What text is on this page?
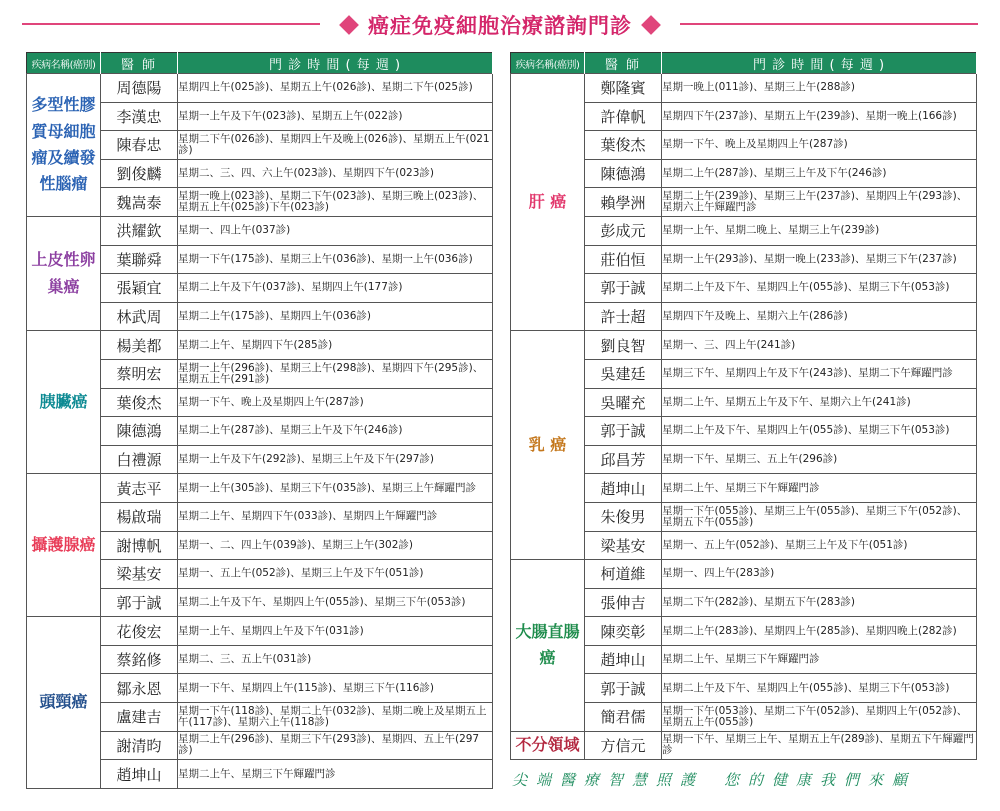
癌症免疫細胞治療諮詢門診
疾病名稱(癌別)	醫 師	門 診 時 間 ( 每 週 )
多型性膠質母細胞瘤及續發性腦瘤	周德陽	星期四上午(025診)、星期五上午(026診)、星期二下午(025診)
	李漢忠	星期一上午及下午(023診)、星期五上午(022診)
	陳春忠	星期二下午(026診)、星期四上午及晚上(026診)、星期五上午(021診)
	劉俊麟	星期二、三、四、六上午(023診)、星期四下午(023診)
	魏嵩泰	星期一晚上(023診)、星期二下午(023診)、星期三晚上(023診)、星期五上午(025診)下午(023診)
上皮性卵巢癌	洪耀欽	星期一、四上午(037診)
	葉聯舜	星期一下午(175診)、星期三上午(036診)、星期一上午(036診)
	張穎宜	星期二上午及下午(037診)、星期四上午(177診)
	林武周	星期二上午(175診)、星期四上午(036診)
胰臟癌	楊美都	星期二上午、星期四下午(285診)
	蔡明宏	星期一上午(296診)、星期三上午(298診)、星期四下午(295診)、星期五上午(291診)
	葉俊杰	星期一下午、晚上及星期四上午(287診)
	陳德鴻	星期二上午(287診)、星期三上午及下午(246診)
	白禮源	星期一上午及下午(292診)、星期三上午及下午(297診)
攝護腺癌	黃志平	星期一上午(305診)、星期三下午(035診)、星期三上午輝躍門診
	楊啟瑞	星期二上午、星期四下午(033診)、星期四上午輝躍門診
	謝博帆	星期一、二、四上午(039診)、星期三上午(302診)
	梁基安	星期一、五上午(052診)、星期三上午及下午(051診)
	郭于誠	星期二上午及下午、星期四上午(055診)、星期三下午(053診)
頭頸癌	花俊宏	星期一上午、星期四上午及下午(031診)
	蔡銘修	星期二、三、五上午(031診)
	鄒永恩	星期一下午、星期四上午(115診)、星期三下午(116診)
	盧建吉	星期一下午(118診)、星期二上午(032診)、星期二晚上及星期五上午(117診)、星期六上午(118診)
	謝清昀	星期二上午(296診)、星期三下午(293診)、星期四、五上午(297診)
	趙坤山	星期二上午、星期三下午輝躍門診
疾病名稱(癌別)	醫 師	門 診 時 間 ( 每 週 )
肝 癌	鄭隆賓	星期一晚上(011診)、星期三上午(288診)
	許偉帆	星期四下午(237診)、星期五上午(239診)、星期一晚上(166診)
	葉俊杰	星期一下午、晚上及星期四上午(287診)
	陳德鴻	星期二上午(287診)、星期三上午及下午(246診)
	賴學洲	星期二上午(239診)、星期三上午(237診)、星期四上午(293診)、星期六上午輝躍門診
	彭成元	星期一上午、星期二晚上、星期三上午(239診)
	莊伯恒	星期一上午(293診)、星期一晚上(233診)、星期三下午(237診)
	郭于誠	星期二上午及下午、星期四上午(055診)、星期三下午(053診)
	許士超	星期四下午及晚上、星期六上午(286診)
乳 癌	劉良智	星期一、三、四上午(241診)
	吳建廷	星期三下午、星期四上午及下午(243診)、星期二下午輝躍門診
	吳曜充	星期二上午、星期五上午及下午、星期六上午(241診)
	郭于誠	星期二上午及下午、星期四上午(055診)、星期三下午(053診)
	邱昌芳	星期一下午、星期三、五上午(296診)
	趙坤山	星期二上午、星期三下午輝躍門診
	朱俊男	星期一下午(055診)、星期三上午(055診)、星期三下午(052診)、星期五下午(055診)
	梁基安	星期一、五上午(052診)、星期三上午及下午(051診)
大腸直腸癌	柯道維	星期一、四上午(283診)
	張伸吉	星期二下午(282診)、星期五下午(283診)
	陳奕彰	星期二上午(283診)、星期四上午(285診)、星期四晚上(282診)
	趙坤山	星期二上午、星期三下午輝躍門診
	郭于誠	星期二上午及下午、星期四上午(055診)、星期三下午(053診)
	簡君儒	星期一下午(053診)、星期二下午(052診)、星期四上午(052診)、星期五上午(055診)
不分領域	方信元	星期一下午、星期三上午、星期五上午(289診)、星期五下午輝躍門診
尖端醫療智慧照護 您的健康我們來顧
